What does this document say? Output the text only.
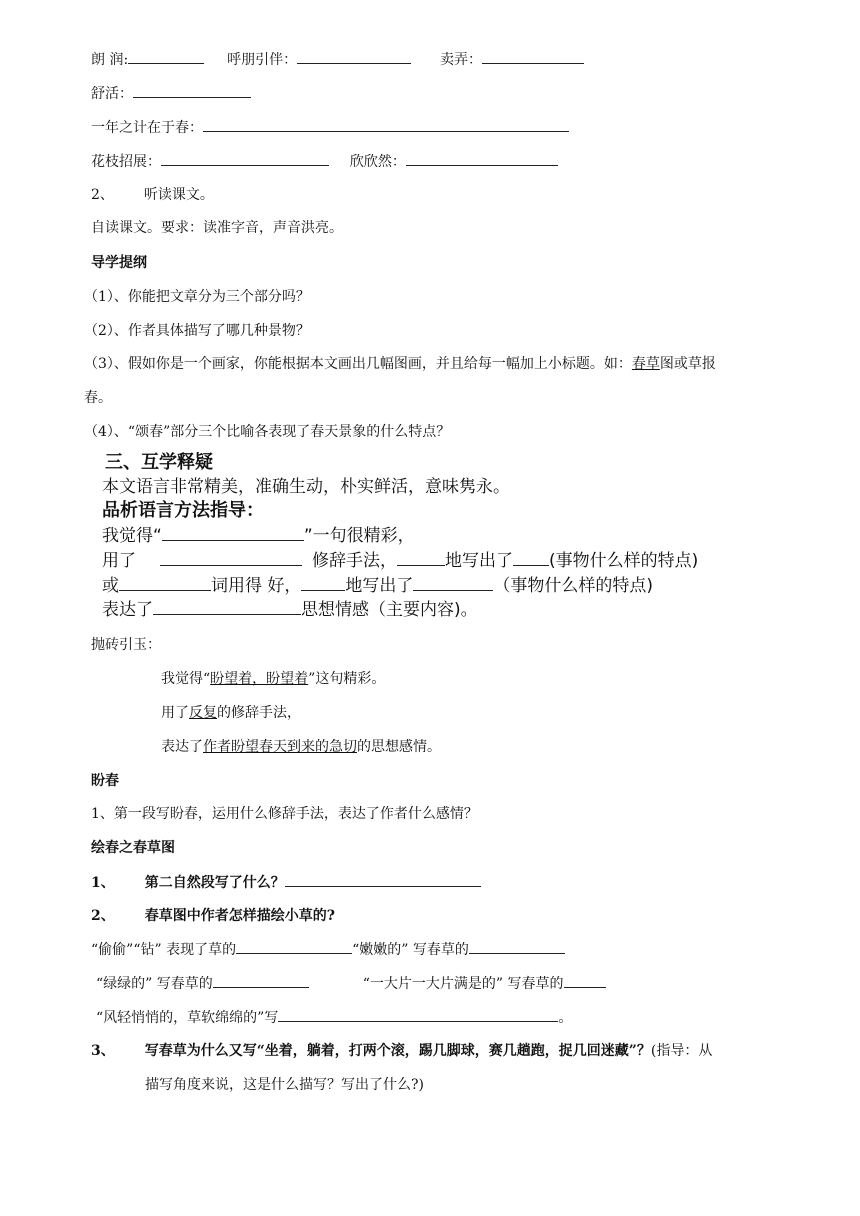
朗 润:	呼朋引伴：	卖弄：
舒活：
一年之计在于春：
花枝招展：	欣欣然：
2、 听读课文。
自读课文。要求：读准字音，声音洪亮。
导学提纲
（1）、你能把文章分为三个部分吗？
（2）、作者具体描写了哪几种景物？
（3）、假如你是一个画家，你能根据本文画出几幅图画，并且给每一幅加上小标题。如：春草图或草报
春。
（4）、“颂春”部分三个比喻各表现了春天景象的什么特点？
三、互学释疑
本文语言非常精美，准确生动，朴实鲜活，意味隽永。
品析语言方法指导：
我觉得“	”一句很精彩，
用了	修辞手法，	地写出了 (事物什么样的特点)
或	词用得 好，	地写出了	（事物什么样的特点)
表达了	思想情感（主要内容)。
抛砖引玉：
我觉得“盼望着，盼望着”这句精彩。
用了反复的修辞手法，
表达了作者盼望春天到来的急切的思想感情。
盼春
1、第一段写盼春，运用什么修辞手法，表达了作者什么感情？
绘春之春草图
1、 第二自然段写了什么？
2、 春草图中作者怎样描绘小草的?
“偷偷”“钻” 表现了草的	“嫩嫩的” 写春草的
“绿绿的” 写春草的	“一大片一大片满是的” 写春草的
“风轻悄悄的，草软绵绵的”写	。
3、 写春草为什么又写“坐着，躺着，打两个滚，踢几脚球，赛几趟跑，捉几回迷藏”？(指导：从
描写角度来说，这是什么描写？写出了什么?)
